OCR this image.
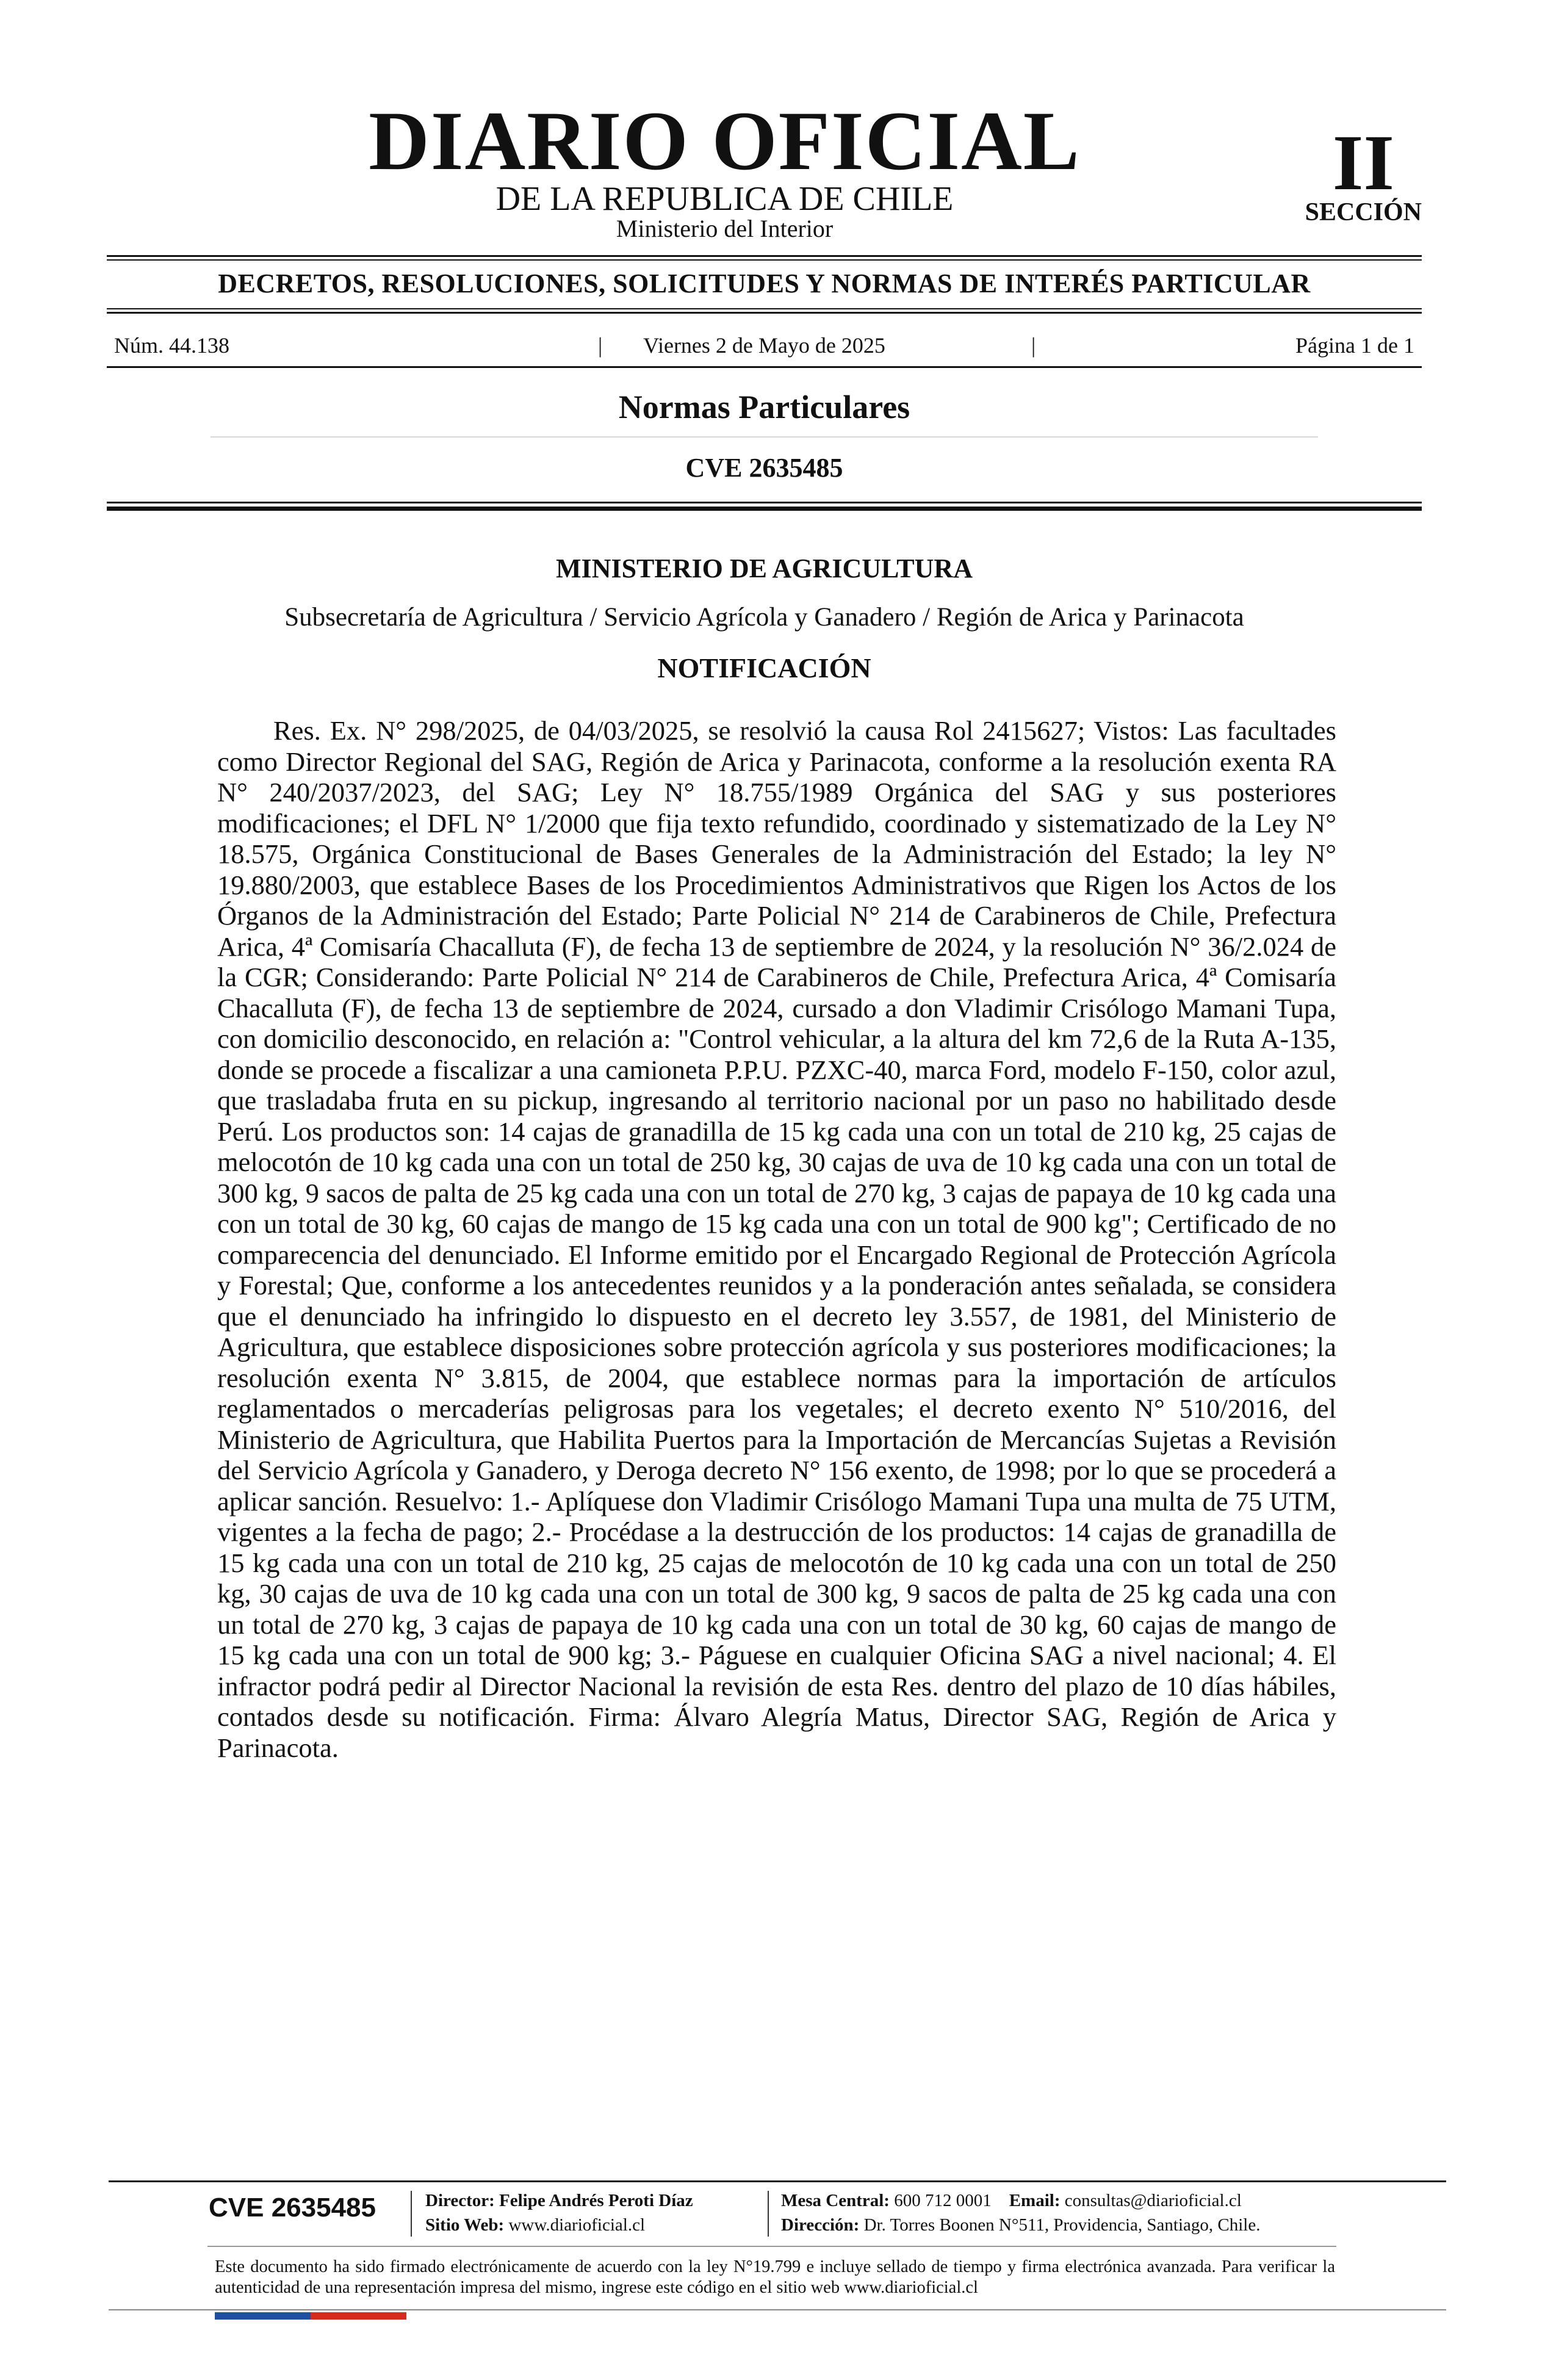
DIARIO OFICIAL
DE LA REPUBLICA DE CHILE
Ministerio del Interior
II
SECCIÓN
DECRETOS, RESOLUCIONES, SOLICITUDES Y NORMAS DE INTERÉS PARTICULAR
Núm. 44.138	|	Viernes 2 de Mayo de 2025	|	Página 1 de 1
Normas Particulares
CVE 2635485
MINISTERIO DE AGRICULTURA
Subsecretaría de Agricultura / Servicio Agrícola y Ganadero / Región de Arica y Parinacota
NOTIFICACIÓN

Res. Ex. N° 298/2025, de 04/03/2025, se resolvió la causa Rol 2415627; Vistos: Las facultades como Director Regional del SAG, Región de Arica y Parinacota, conforme a la resolución exenta RA N° 240/2037/2023, del SAG; Ley N° 18.755/1989 Orgánica del SAG y sus posteriores modificaciones; el DFL N° 1/2000 que fija texto refundido, coordinado y sistematizado de la Ley N° 18.575, Orgánica Constitucional de Bases Generales de la Administración del Estado; la ley N° 19.880/2003, que establece Bases de los Procedimientos Administrativos que Rigen los Actos de los Órganos de la Administración del Estado; Parte Policial N° 214 de Carabineros de Chile, Prefectura Arica, 4ª Comisaría Chacalluta (F), de fecha 13 de septiembre de 2024, y la resolución N° 36/2.024 de la CGR; Considerando: Parte Policial N° 214 de Carabineros de Chile, Prefectura Arica, 4ª Comisaría Chacalluta (F), de fecha 13 de septiembre de 2024, cursado a don Vladimir Crisólogo Mamani Tupa, con domicilio desconocido, en relación a: "Control vehicular, a la altura del km 72,6 de la Ruta A-135, donde se procede a fiscalizar a una camioneta P.P.U. PZXC-40, marca Ford, modelo F-150, color azul, que trasladaba fruta en su pickup, ingresando al territorio nacional por un paso no habilitado desde Perú. Los productos son: 14 cajas de granadilla de 15 kg cada una con un total de 210 kg, 25 cajas de melocotón de 10 kg cada una con un total de 250 kg, 30 cajas de uva de 10 kg cada una con un total de 300 kg, 9 sacos de palta de 25 kg cada una con un total de 270 kg, 3 cajas de papaya de 10 kg cada una con un total de 30 kg, 60 cajas de mango de 15 kg cada una con un total de 900 kg"; Certificado de no comparecencia del denunciado. El Informe emitido por el Encargado Regional de Protección Agrícola y Forestal; Que, conforme a los antecedentes reunidos y a la ponderación antes señalada, se considera que el denunciado ha infringido lo dispuesto en el decreto ley 3.557, de 1981, del Ministerio de Agricultura, que establece disposiciones sobre protección agrícola y sus posteriores modificaciones; la resolución exenta N° 3.815, de 2004, que establece normas para la importación de artículos reglamentados o mercaderías peligrosas para los vegetales; el decreto exento N° 510/2016, del Ministerio de Agricultura, que Habilita Puertos para la Importación de Mercancías Sujetas a Revisión del Servicio Agrícola y Ganadero, y Deroga decreto N° 156 exento, de 1998; por lo que se procederá a aplicar sanción. Resuelvo: 1.- Aplíquese don Vladimir Crisólogo Mamani Tupa una multa de 75 UTM, vigentes a la fecha de pago; 2.- Procédase a la destrucción de los productos: 14 cajas de granadilla de 15 kg cada una con un total de 210 kg, 25 cajas de melocotón de 10 kg cada una con un total de 250 kg, 30 cajas de uva de 10 kg cada una con un total de 300 kg, 9 sacos de palta de 25 kg cada una con un total de 270 kg, 3 cajas de papaya de 10 kg cada una con un total de 30 kg, 60 cajas de mango de 15 kg cada una con un total de 900 kg; 3.- Páguese en cualquier Oficina SAG a nivel nacional; 4. El infractor podrá pedir al Director Nacional la revisión de esta Res. dentro del plazo de 10 días hábiles, contados desde su notificación. Firma: Álvaro Alegría Matus, Director SAG, Región de Arica y Parinacota.

CVE 2635485	Director: Felipe Andrés Peroti Díaz
Sitio Web: www.diarioficial.cl
Mesa Central: 600 712 0001 Email: consultas@diarioficial.cl
Dirección: Dr. Torres Boonen N°511, Providencia, Santiago, Chile.
Este documento ha sido firmado electrónicamente de acuerdo con la ley N°19.799 e incluye sellado de tiempo y firma electrónica avanzada. Para verificar la autenticidad de una representación impresa del mismo, ingrese este código en el sitio web www.diarioficial.cl
